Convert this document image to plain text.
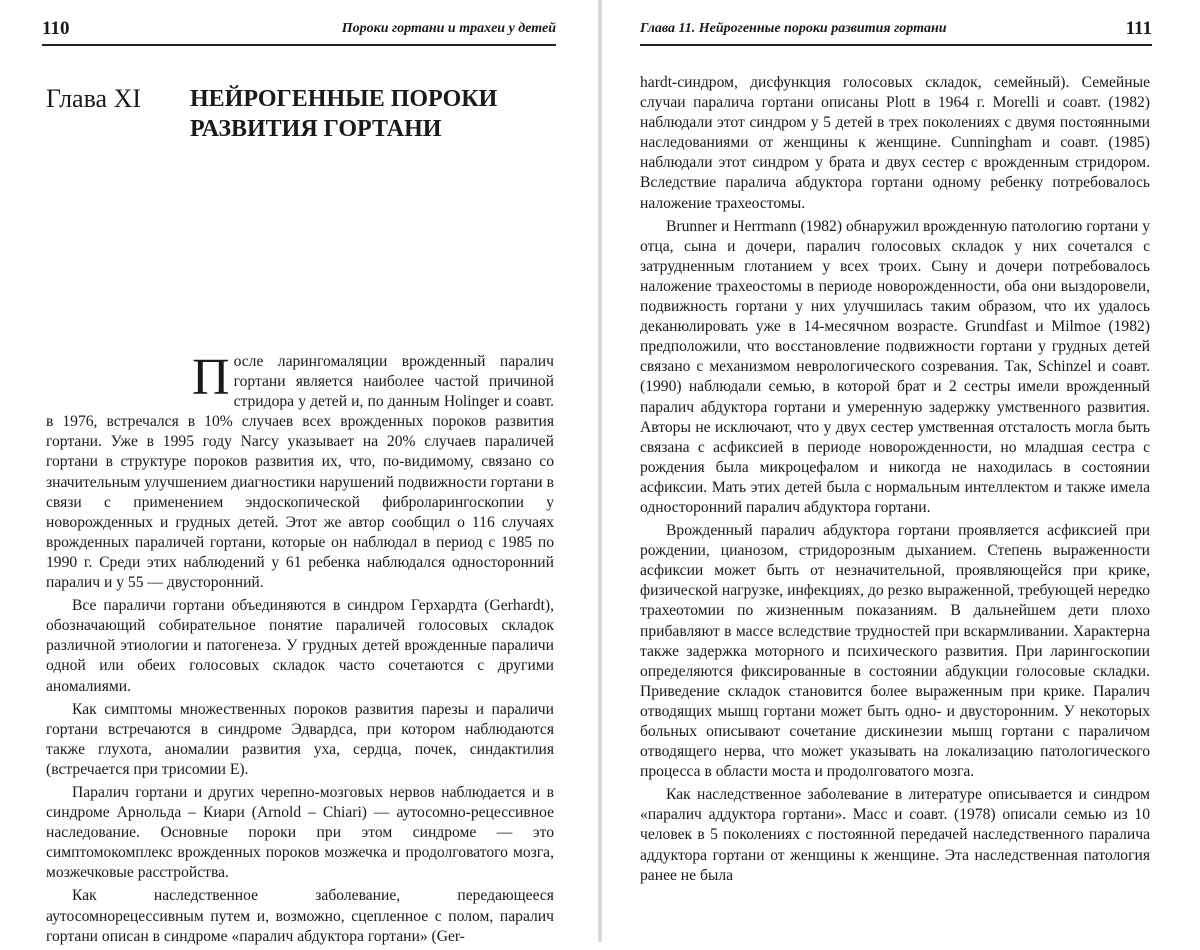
110	Пороки гортани и трахеи у детей
Глава XI НЕЙРОГЕННЫЕ ПОРОКИ
РАЗВИТИЯ ГОРТАНИ

После ларингомаляции врожденный паралич гортани является наиболее частой причиной стридора у детей и, по данным Holinger и соавт. в 1976, встречался в 10% случаев всех врожденных пороков развития гортани. Уже в 1995 году Narcy указывает на 20% случаев параличей гортани в структуре пороков развития их, что, по-видимому, связано со значительным улучшением диагностики нарушений подвижности гортани в связи с применением эндоскопической фиброларингоскопии у новорожденных и грудных детей. Этот же автор сообщил о 116 случаях врожденных параличей гортани, которые он наблюдал в период с 1985 по 1990 г. Среди этих наблюдений у 61 ребенка наблюдался односторонний паралич и у 55 — двусторонний.

Все параличи гортани объединяются в синдром Герхардта (Gerhardt), обозначающий собирательное понятие параличей голосовых складок различной этиологии и патогенеза. У грудных детей врожденные параличи одной или обеих голосовых складок часто сочетаются с другими аномалиями.

Как симптомы множественных пороков развития парезы и параличи гортани встречаются в синдроме Эдвардса, при котором наблюдаются также глухота, аномалии развития уха, сердца, почек, синдактилия (встречается при трисомии Е).

Паралич гортани и других черепно-мозговых нервов наблюдается и в синдроме Арнольда – Киари (Arnold – Chiari) — аутосомно-рецессивное наследование. Основные пороки при этом синдроме — это симптомокомплекс врожденных пороков мозжечка и продолговатого мозга, мозжечковые расстройства.

Как наследственное заболевание, передающееся аутосомнорецессивным путем и, возможно, сцепленное с полом, паралич гортани описан в синдроме «паралич абдуктора гортани» (Ger-

Глава 11. Нейрогенные пороки развития гортани	111

hardt-синдром, дисфункция голосовых складок, семейный). Семейные случаи паралича гортани описаны Plott в 1964 г. Morelli и соавт. (1982) наблюдали этот синдром у 5 детей в трех поколениях с двумя постоянными наследованиями от женщины к женщине. Cunningham и соавт. (1985) наблюдали этот синдром у брата и двух сестер с врожденным стридором. Вследствие паралича абдуктора гортани одному ребенку потребовалось наложение трахеостомы.

Brunner и Herrmann (1982) обнаружил врожденную патологию гортани у отца, сына и дочери, паралич голосовых складок у них сочетался с затрудненным глотанием у всех троих. Сыну и дочери потребовалось наложение трахеостомы в периоде новорожденности, оба они выздоровели, подвижность гортани у них улучшилась таким образом, что их удалось деканюлировать уже в 14-месячном возрасте. Grundfast и Milmoe (1982) предположили, что восстановление подвижности гортани у грудных детей связано с механизмом неврологического созревания. Так, Schinzel и соавт. (1990) наблюдали семью, в которой брат и 2 сестры имели врожденный паралич абдуктора гортани и умеренную задержку умственного развития. Авторы не исключают, что у двух сестер умственная отсталость могла быть связана с асфиксией в периоде новорожденности, но младшая сестра с рождения была микроцефалом и никогда не находилась в состоянии асфиксии. Мать этих детей была с нормальным интеллектом и также имела односторонний паралич абдуктора гортани.

Врожденный паралич абдуктора гортани проявляется асфиксией при рождении, цианозом, стридорозным дыханием. Степень выраженности асфиксии может быть от незначительной, проявляющейся при крике, физической нагрузке, инфекциях, до резко выраженной, требующей нередко трахеотомии по жизненным показаниям. В дальнейшем дети плохо прибавляют в массе вследствие трудностей при вскармливании. Характерна также задержка моторного и психического развития. При ларингоскопии определяются фиксированные в состоянии абдукции голосовые складки. Приведение складок становится более выраженным при крике. Паралич отводящих мышц гортани может быть одно- и двусторонним. У некоторых больных описывают сочетание дискинезии мышц гортани с параличом отводящего нерва, что может указывать на локализацию патологического процесса в области моста и продолговатого мозга.

Как наследственное заболевание в литературе описывается и синдром «паралич аддуктора гортани». Масс и соавт. (1978) описали семью из 10 человек в 5 поколениях с постоянной передачей наследственного паралича аддуктора гортани от женщины к женщине. Эта наследственная патология ранее не была
